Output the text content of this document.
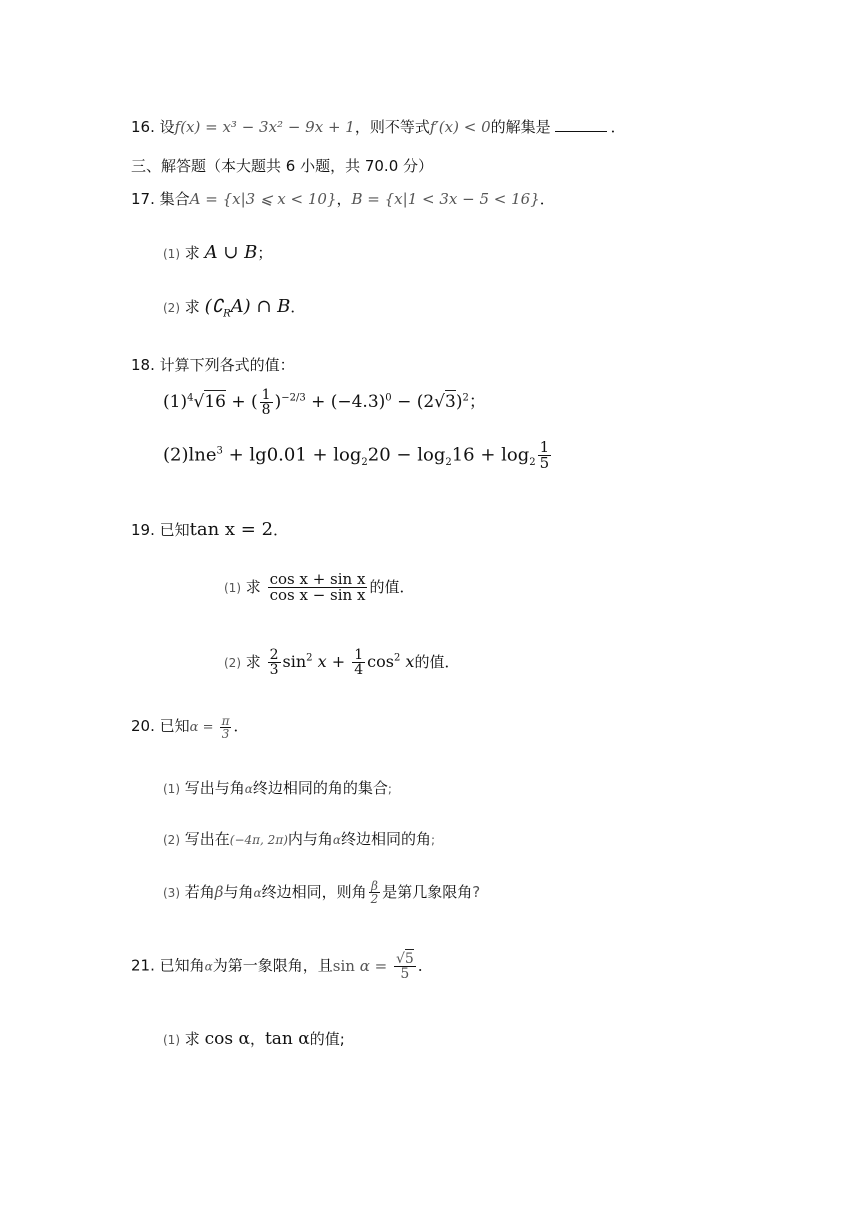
16. 设f(x) = x³ − 3x² − 9x + 1，则不等式f′(x) < 0的解集是	．
三、解答题（本大题共 6 小题，共 70.0 分）
17. 集合A = {x|3 ⩽ x < 10}，B = {x|1 < 3x − 5 < 16}．
(1) 求 A ∪ B；
(2) 求 $(∁_RA)$ ∩ B．
18. 计算下列各式的值：
$(1)^4√16$ + ( $\frac{1}{8} )^{-2/3} + (-4.3)^0 - (2√3)^2$；
$(2)\ln e^3 + \lg 0.01 + \log_220 - \log_216 + \log_2 \frac{1}{5}$
19. 已知tan x = 2．
(1) 求 $\frac{\text{cos x + sin x}}{\text{cos x − sin x}}$ 的值．
(2) 求 $\frac{2}{3} \sin^2 x + \frac{1}{4} \cos^2 x$的值．
20. 已知$\alpha = \frac{\pi}{3}$ ．
(1) 写出与角α终边相同的角的集合;
(2) 写出在(−4π, 2π)内与角α终边相同的角;
(3) 若角β与角α终边相同，则角 $\frac{\beta}{2}$ 是第几象限角?
21. 已知角α为第一象限角，且$\sin \alpha = \frac{√5}{5}$ ．
(1) 求 cos α，tan α的值;
